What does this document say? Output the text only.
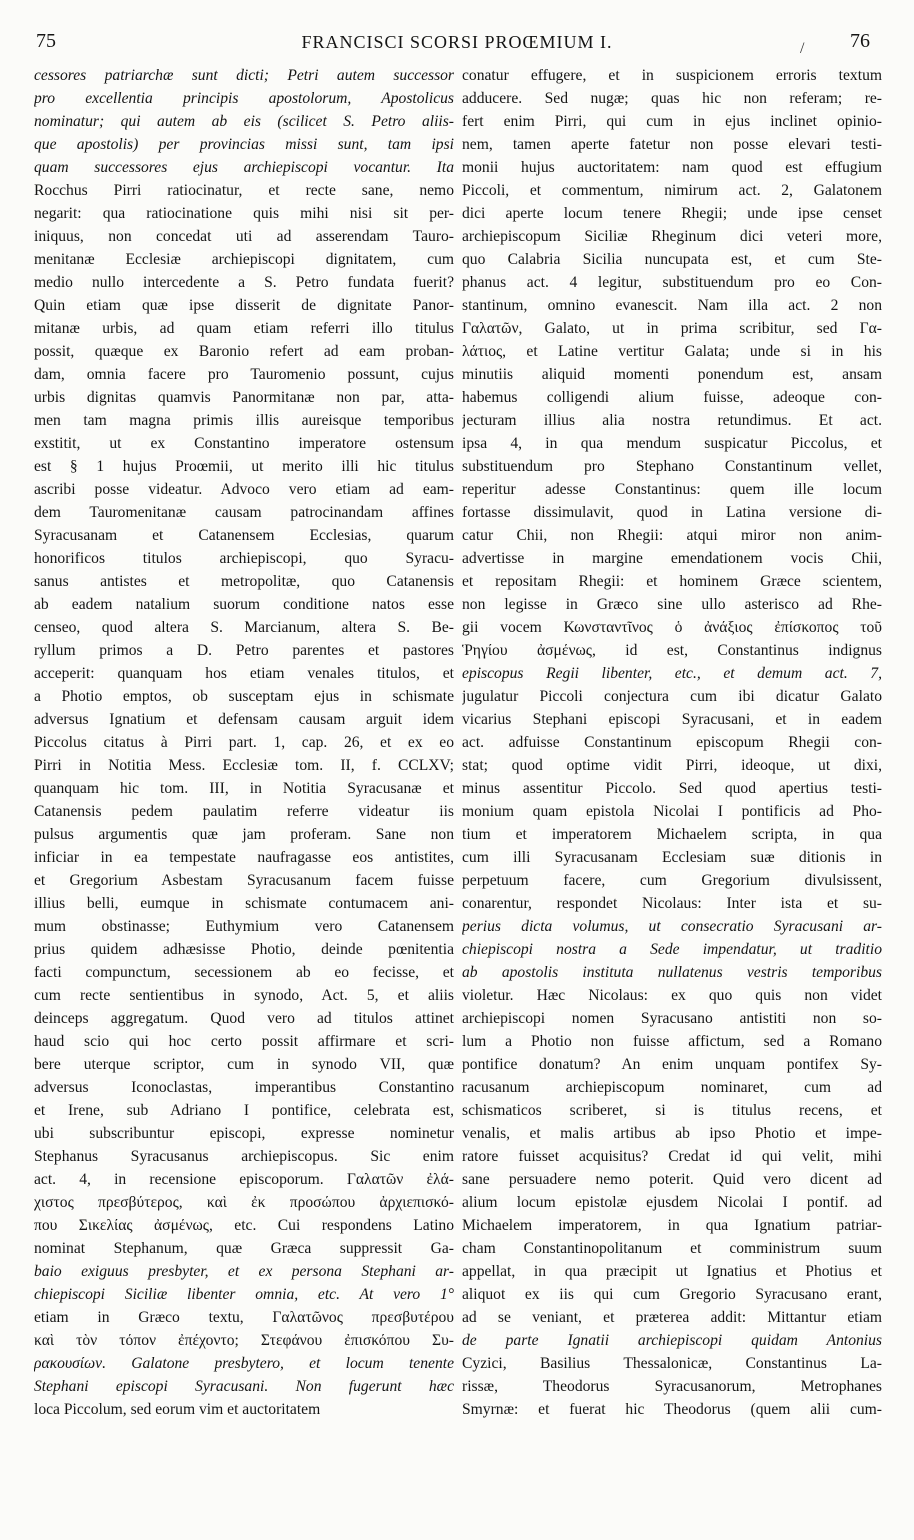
75	FRANCISCI SCORSI PROŒMIUM I.	/ 76
cessores patriarchæ sunt dicti; Petri autem successor
pro excellentia principis apostolorum, Apostolicus
nominatur; qui autem ab eis (scilicet S. Petro aliis-
que apostolis) per provincias missi sunt, tam ipsi
quam successores ejus archiepiscopi vocantur. Ita
Rocchus Pirri ratiocinatur, et recte sane, nemo
negarit: qua ratiocinatione quis mihi nisi sit per-
iniquus, non concedat uti ad asserendam Tauro-
menitanæ Ecclesiæ archiepiscopi dignitatem, cum
medio nullo intercedente a S. Petro fundata fuerit?
Quin etiam quæ ipse disserit de dignitate Panor-
mitanæ urbis, ad quam etiam referri illo titulus
possit, quæque ex Baronio refert ad eam proban-
dam, omnia facere pro Tauromenio possunt, cujus
urbis dignitas quamvis Panormitanæ non par, atta-
men tam magna primis illis aureisque temporibus
exstitit, ut ex Constantino imperatore ostensum
est § 1 hujus Proœmii, ut merito illi hic titulus
ascribi posse videatur. Advoco vero etiam ad eam-
dem Tauromenitanæ causam patrocinandam affines
Syracusanam et Catanensem Ecclesias, quarum
honorificos titulos archiepiscopi, quo Syracu-
sanus antistes et metropolitæ, quo Catanensis
ab eadem natalium suorum conditione natos esse
censeo, quod altera S. Marcianum, altera S. Be-
ryllum primos a D. Petro parentes et pastores
acceperit: quanquam hos etiam venales titulos, et
a Photio emptos, ob susceptam ejus in schismate
adversus Ignatium et defensam causam arguit idem
Piccolus citatus à Pirri part. 1, cap. 26, et ex eo
Pirri in Notitia Mess. Ecclesiæ tom. II, f. CCLXV;
quanquam hic tom. III, in Notitia Syracusanæ et
Catanensis pedem paulatim referre videatur iis
pulsus argumentis quæ jam proferam. Sane non
inficiar in ea tempestate naufragasse eos antistites,
et Gregorium Asbestam Syracusanum facem fuisse
illius belli, eumque in schismate contumacem ani-
mum obstinasse; Euthymium vero Catanensem
prius quidem adhæsisse Photio, deinde pœnitentia
facti compunctum, secessionem ab eo fecisse, et
cum recte sentientibus in synodo, Act. 5, et aliis
deinceps aggregatum. Quod vero ad titulos attinet
haud scio qui hoc certo possit affirmare et scri-
bere uterque scriptor, cum in synodo VII, quæ
adversus Iconoclastas, imperantibus Constantino
et Irene, sub Adriano I pontifice, celebrata est,
ubi subscribuntur episcopi, expresse nominetur
Stephanus Syracusanus archiepiscopus. Sic enim
act. 4, in recensione episcoporum. Γαλατῶν ἐλά-
χιστος πρεσβύτερος, καὶ ἐκ προσώπου ἀρχιεπισκό-
που Σικελίας ἀσμένως, etc. Cui respondens Latino
nominat Stephanum, quæ Græca suppressit Ga-
baio exiguus presbyter, et ex persona Stephani ar-
chiepiscopi Siciliæ libenter omnia, etc. At vero 1°
etiam in Græco textu, Γαλατῶνος πρεσβυτέρου
καὶ τὸν τόπον ἐπέχοντο; Στεφάνου ἐπισκόπου Συ-
ρακουσίων. Galatone presbytero, et locum tenente
Stephani episcopi Syracusani. Non fugerunt hæc
loca Piccolum, sed eorum vim et auctoritatem
conatur effugere, et in suspicionem erroris textum
adducere. Sed nugæ; quas hic non referam; re-
fert enim Pirri, qui cum in ejus inclinet opinio-
nem, tamen aperte fatetur non posse elevari testi-
monii hujus auctoritatem: nam quod est effugium
Piccoli, et commentum, nimirum act. 2, Galatonem
dici aperte locum tenere Rhegii; unde ipse censet
archiepiscopum Siciliæ Rheginum dici veteri more,
quo Calabria Sicilia nuncupata est, et cum Ste-
phanus act. 4 legitur, substituendum pro eo Con-
stantinum, omnino evanescit. Nam illa act. 2 non
Γαλατῶν, Galato, ut in prima scribitur, sed Γα-
λάτιος, et Latine vertitur Galata; unde si in his
minutiis aliquid momenti ponendum est, ansam
habemus colligendi alium fuisse, adeoque con-
jecturam illius alia nostra retundimus. Et act.
ipsa 4, in qua mendum suspicatur Piccolus, et
substituendum pro Stephano Constantinum vellet,
reperitur adesse Constantinus: quem ille locum
fortasse dissimulavit, quod in Latina versione di-
catur Chii, non Rhegii: atqui miror non anim-
advertisse in margine emendationem vocis Chii,
et repositam Rhegii: et hominem Græce scientem,
non legisse in Græco sine ullo asterisco ad Rhe-
gii vocem Κωνσταντῖνος ὁ ἀνάξιος ἐπίσκοπος τοῦ
Ῥηγίου ἀσμένως, id est, Constantinus indignus
episcopus Regii libenter, etc., et demum act. 7,
jugulatur Piccoli conjectura cum ibi dicatur Galato
vicarius Stephani episcopi Syracusani, et in eadem
act. adfuisse Constantinum episcopum Rhegii con-
stat; quod optime vidit Pirri, ideoque, ut dixi,
minus assentitur Piccolo. Sed quod apertius testi-
monium quam epistola Nicolai I pontificis ad Pho-
tium et imperatorem Michaelem scripta, in qua
cum illi Syracusanam Ecclesiam suæ ditionis in
perpetuum facere, cum Gregorium divulsissent,
conarentur, respondet Nicolaus: Inter ista et su-
perius dicta volumus, ut consecratio Syracusani ar-
chiepiscopi nostra a Sede impendatur, ut traditio
ab apostolis instituta nullatenus vestris temporibus
violetur. Hæc Nicolaus: ex quo quis non videt
archiepiscopi nomen Syracusano antistiti non so-
lum a Photio non fuisse affictum, sed a Romano
pontifice donatum? An enim unquam pontifex Sy-
racusanum archiepiscopum nominaret, cum ad
schismaticos scriberet, si is titulus recens, et
venalis, et malis artibus ab ipso Photio et impe-
ratore fuisset acquisitus? Credat id qui velit, mihi
sane persuadere nemo poterit. Quid vero dicent ad
alium locum epistolæ ejusdem Nicolai I pontif. ad
Michaelem imperatorem, in qua Ignatium patriar-
cham Constantinopolitanum et comministrum suum
appellat, in qua præcipit ut Ignatius et Photius et
aliquot ex iis qui cum Gregorio Syracusano erant,
ad se veniant, et præterea addit: Mittantur etiam
de parte Ignatii archiepiscopi quidam Antonius
Cyzici, Basilius Thessalonicæ, Constantinus La-
rissæ, Theodorus Syracusanorum, Metrophanes
Smyrnæ: et fuerat hic Theodorus (quem alii cum-
